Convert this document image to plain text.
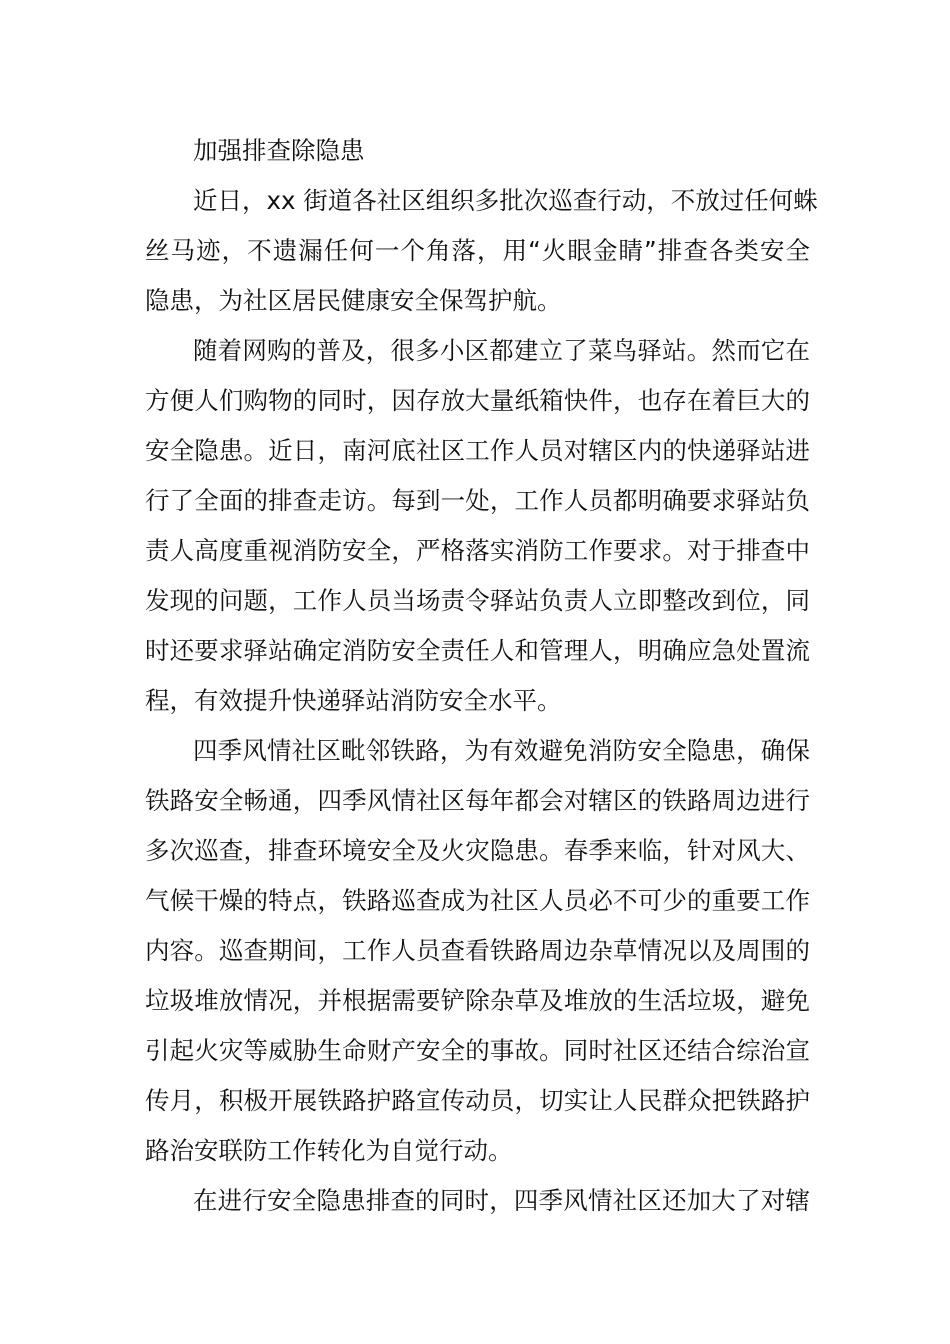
加强排查除隐患
近日，xx 街道各社区组织多批次巡查行动，不放过任何蛛
丝马迹，不遗漏任何一个角落，用“火眼金睛”排查各类安全
隐患，为社区居民健康安全保驾护航。
随着网购的普及，很多小区都建立了菜鸟驿站。然而它在
方便人们购物的同时，因存放大量纸箱快件，也存在着巨大的
安全隐患。近日，南河底社区工作人员对辖区内的快递驿站进
行了全面的排查走访。每到一处，工作人员都明确要求驿站负
责人高度重视消防安全，严格落实消防工作要求。对于排查中
发现的问题，工作人员当场责令驿站负责人立即整改到位，同
时还要求驿站确定消防安全责任人和管理人，明确应急处置流
程，有效提升快递驿站消防安全水平。
四季风情社区毗邻铁路，为有效避免消防安全隐患，确保
铁路安全畅通，四季风情社区每年都会对辖区的铁路周边进行
多次巡查，排查环境安全及火灾隐患。春季来临，针对风大、
气候干燥的特点，铁路巡查成为社区人员必不可少的重要工作
内容。巡查期间，工作人员查看铁路周边杂草情况以及周围的
垃圾堆放情况，并根据需要铲除杂草及堆放的生活垃圾，避免
引起火灾等威胁生命财产安全的事故。同时社区还结合综治宣
传月，积极开展铁路护路宣传动员，切实让人民群众把铁路护
路治安联防工作转化为自觉行动。
在进行安全隐患排查的同时，四季风情社区还加大了对辖
